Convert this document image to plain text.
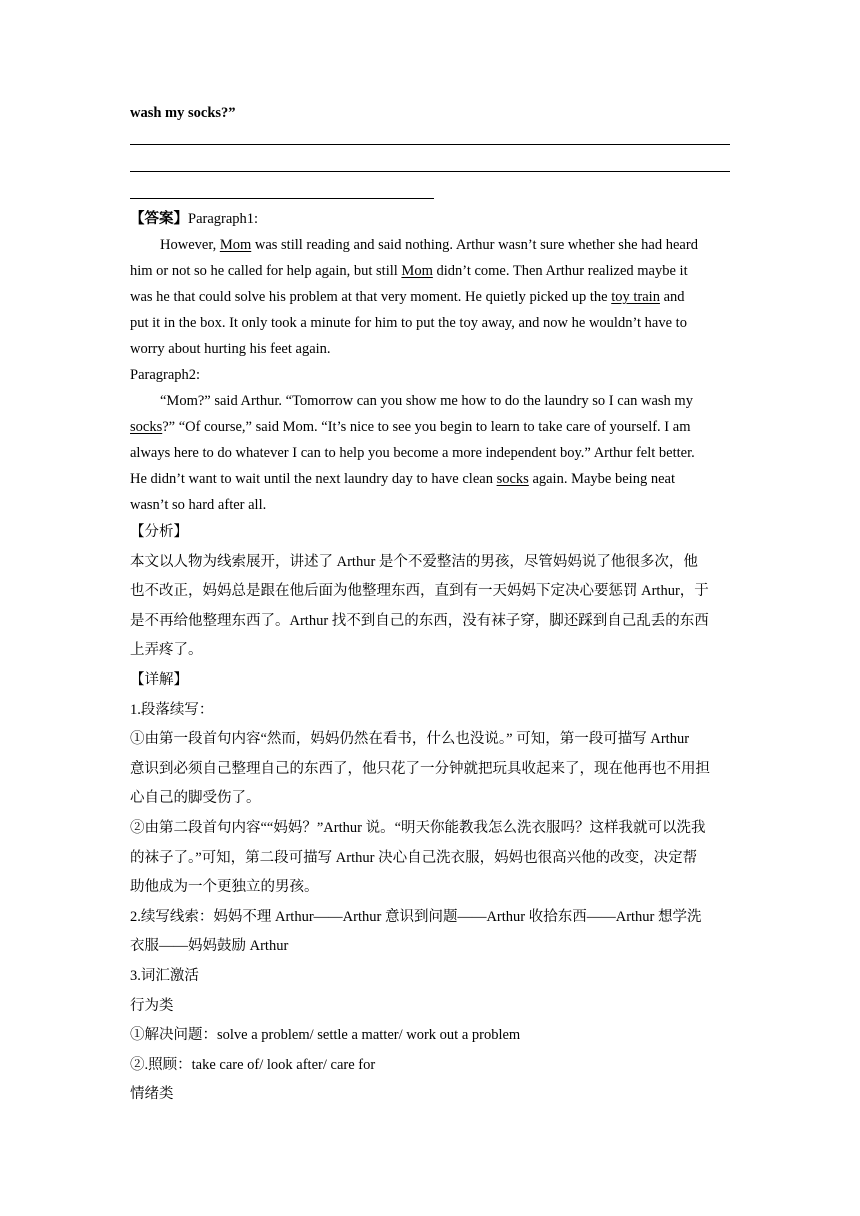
wash my socks?”
【答案】Paragraph1:
However, Mom was still reading and said nothing. Arthur wasn’t sure whether she had heard
him or not so he called for help again, but still Mom didn’t come. Then Arthur realized maybe it
was he that could solve his problem at that very moment. He quietly picked up the toy train and
put it in the box. It only took a minute for him to put the toy away, and now he wouldn’t have to
worry about hurting his feet again.
Paragraph2:
“Mom?” said Arthur. “Tomorrow can you show me how to do the laundry so I can wash my
socks?” “Of course,” said Mom. “It’s nice to see you begin to learn to take care of yourself. I am
always here to do whatever I can to help you become a more independent boy.” Arthur felt better.
He didn’t want to wait until the next laundry day to have clean socks again. Maybe being neat
wasn’t so hard after all.
【分析】
本文以人物为线索展开，讲述了 Arthur 是个不爱整洁的男孩，尽管妈妈说了他很多次，他
也不改正，妈妈总是跟在他后面为他整理东西，直到有一天妈妈下定决心要惩罚 Arthur，于
是不再给他整理东西了。Arthur 找不到自己的东西，没有袜子穿，脚还踩到自己乱丢的东西
上弄疼了。
【详解】
1.段落续写：
①由第一段首句内容“然而，妈妈仍然在看书，什么也没说。” 可知，第一段可描写 Arthur
意识到必须自己整理自己的东西了，他只花了一分钟就把玩具收起来了，现在他再也不用担
心自己的脚受伤了。
②由第二段首句内容““妈妈？”Arthur 说。“明天你能教我怎么洗衣服吗？这样我就可以洗我
的袜子了。”可知，第二段可描写 Arthur 决心自己洗衣服，妈妈也很高兴他的改变，决定帮
助他成为一个更独立的男孩。
2.续写线索：妈妈不理 Arthur——Arthur 意识到问题——Arthur 收拾东西——Arthur 想学洗
衣服——妈妈鼓励 Arthur
3.词汇激活
行为类
①解决问题：solve a problem/ settle a matter/ work out a problem
②.照顾：take care of/ look after/ care for
情绪类
